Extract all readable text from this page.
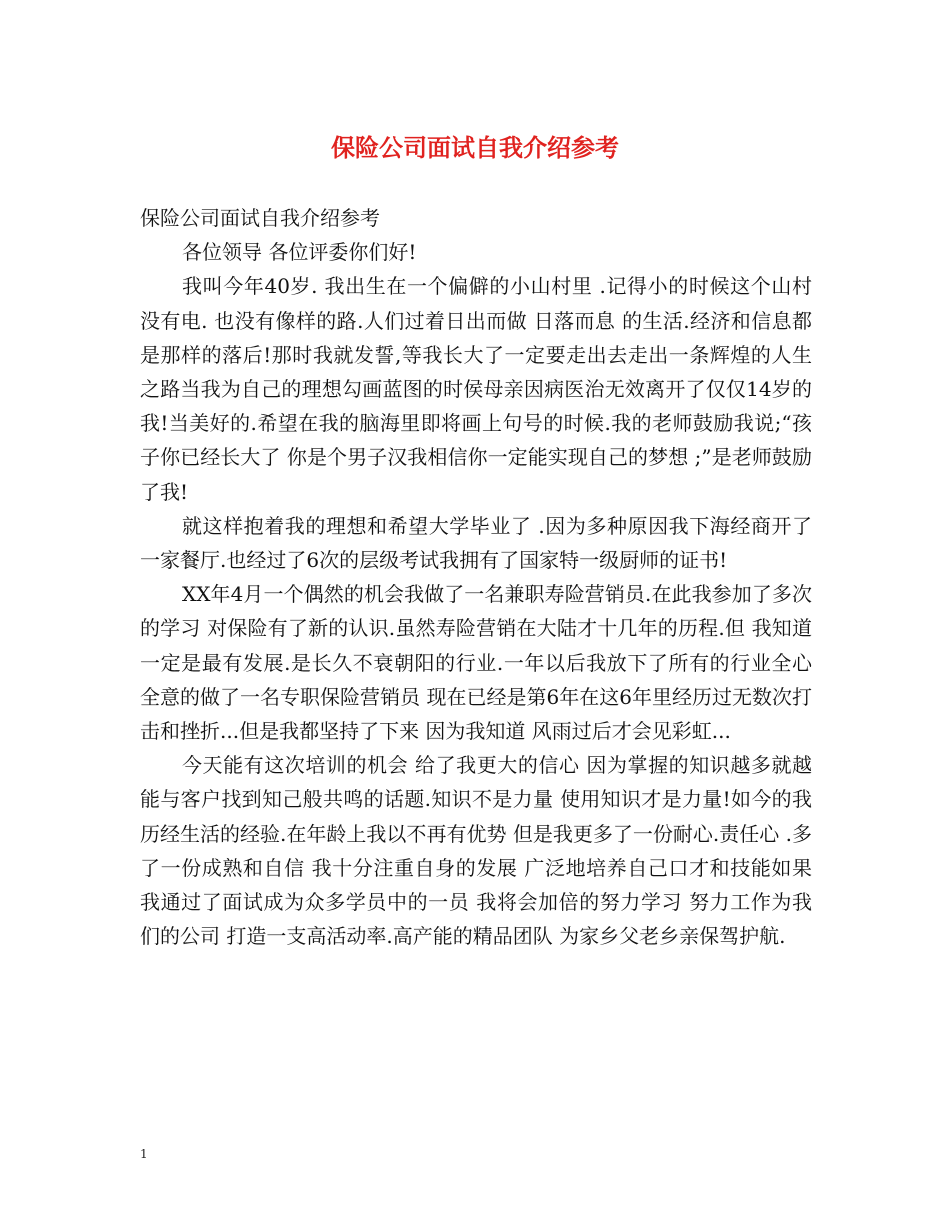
保险公司面试自我介绍参考

保险公司面试自我介绍参考

各位领导 各位评委你们好!

我叫今年40岁. 我出生在一个偏僻的小山村里 .记得小的时候这个山村没有电. 也没有像样的路.人们过着日出而做 日落而息 的生活.经济和信息都是那样的落后!那时我就发誓,等我长大了一定要走出去走出一条辉煌的人生之路当我为自己的理想勾画蓝图的时侯母亲因病医治无效离开了仅仅14岁的我!当美好的.希望在我的脑海里即将画上句号的时候.我的老师鼓励我说;“孩子你已经长大了 你是个男子汉我相信你一定能实现自己的梦想 ;”是老师鼓励了我!

就这样抱着我的理想和希望大学毕业了 .因为多种原因我下海经商开了一家餐厅.也经过了6次的层级考试我拥有了国家特一级厨师的证书!

XX年4月一个偶然的机会我做了一名兼职寿险营销员.在此我参加了多次的学习 对保险有了新的认识.虽然寿险营销在大陆才十几年的历程.但 我知道一定是最有发展.是长久不衰朝阳的行业.一年以后我放下了所有的行业全心全意的做了一名专职保险营销员 现在已经是第6年在这6年里经历过无数次打击和挫折...但是我都坚持了下来 因为我知道 风雨过后才会见彩虹...

今天能有这次培训的机会 给了我更大的信心 因为掌握的知识越多就越能与客户找到知己般共鸣的话题.知识不是力量 使用知识才是力量!如今的我历经生活的经验.在年龄上我以不再有优势 但是我更多了一份耐心.责任心 .多了一份成熟和自信 我十分注重自身的发展 广泛地培养自己口才和技能如果我通过了面试成为众多学员中的一员 我将会加倍的努力学习 努力工作为我们的公司 打造一支高活动率.高产能的精品团队 为家乡父老乡亲保驾护航.

1
